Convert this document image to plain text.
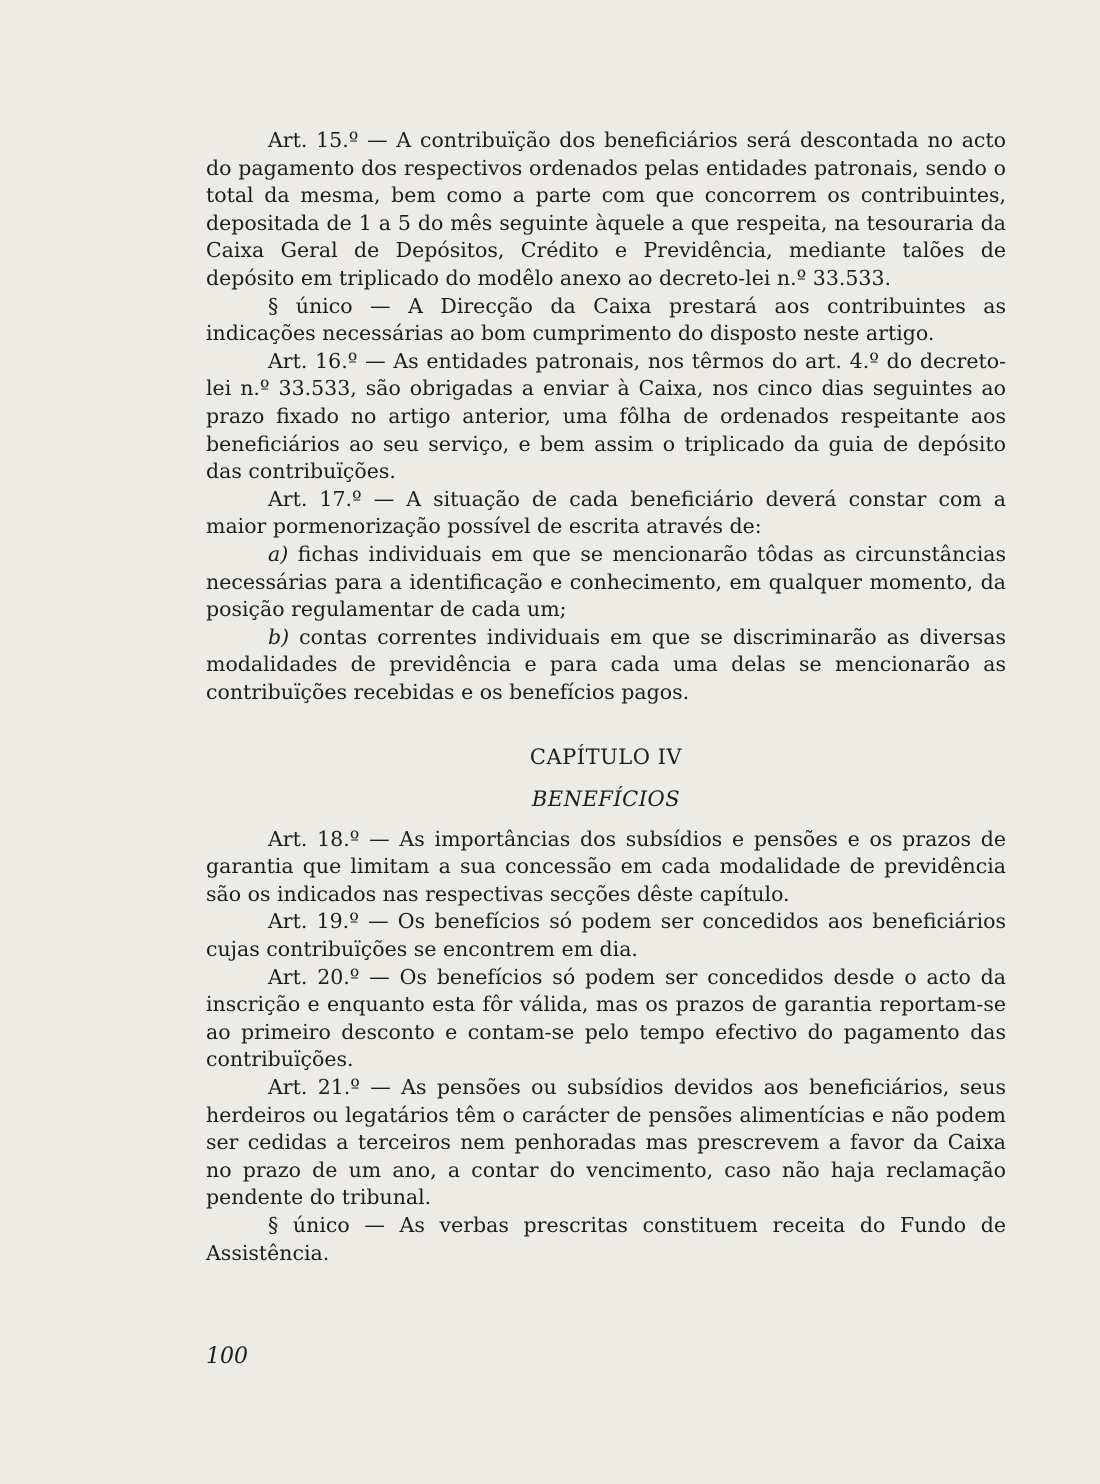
Art. 15.º — A contribuïção dos beneficiários será descontada no acto do pagamento dos respectivos ordenados pelas entidades patronais, sendo o total da mesma, bem como a parte com que concorrem os contribuintes, depositada de 1 a 5 do mês seguinte àquele a que respeita, na tesouraria da Caixa Geral de Depósitos, Crédito e Previdência, mediante talões de depósito em triplicado do modêlo anexo ao decreto-lei n.º 33.533.

§ único — A Direcção da Caixa prestará aos contribuintes as indicações necessárias ao bom cumprimento do disposto neste artigo.

Art. 16.º — As entidades patronais, nos têrmos do art. 4.º do decreto-lei n.º 33.533, são obrigadas a enviar à Caixa, nos cinco dias seguintes ao prazo fixado no artigo anterior, uma fôlha de ordenados respeitante aos beneficiários ao seu serviço, e bem assim o triplicado da guia de depósito das contribuïções.

Art. 17.º — A situação de cada beneficiário deverá constar com a maior pormenorização possível de escrita através de:

a) fichas individuais em que se mencionarão tôdas as circunstâncias necessárias para a identificação e conhecimento, em qualquer momento, da posição regulamentar de cada um;

b) contas correntes individuais em que se discriminarão as diversas modalidades de previdência e para cada uma delas se mencionarão as contribuïções recebidas e os benefícios pagos.

CAPÍTULO IV

BENEFÍCIOS

Art. 18.º — As importâncias dos subsídios e pensões e os prazos de garantia que limitam a sua concessão em cada modalidade de previdência são os indicados nas respectivas secções dêste capítulo.

Art. 19.º — Os benefícios só podem ser concedidos aos beneficiários cujas contribuïções se encontrem em dia.

Art. 20.º — Os benefícios só podem ser concedidos desde o acto da inscrição e enquanto esta fôr válida, mas os prazos de garantia reportam-se ao primeiro desconto e contam-se pelo tempo efectivo do pagamento das contribuïções.

Art. 21.º — As pensões ou subsídios devidos aos beneficiários, seus herdeiros ou legatários têm o carácter de pensões alimentícias e não podem ser cedidas a terceiros nem penhoradas mas prescrevem a favor da Caixa no prazo de um ano, a contar do vencimento, caso não haja reclamação pendente do tribunal.

§ único — As verbas prescritas constituem receita do Fundo de Assistência.

100
